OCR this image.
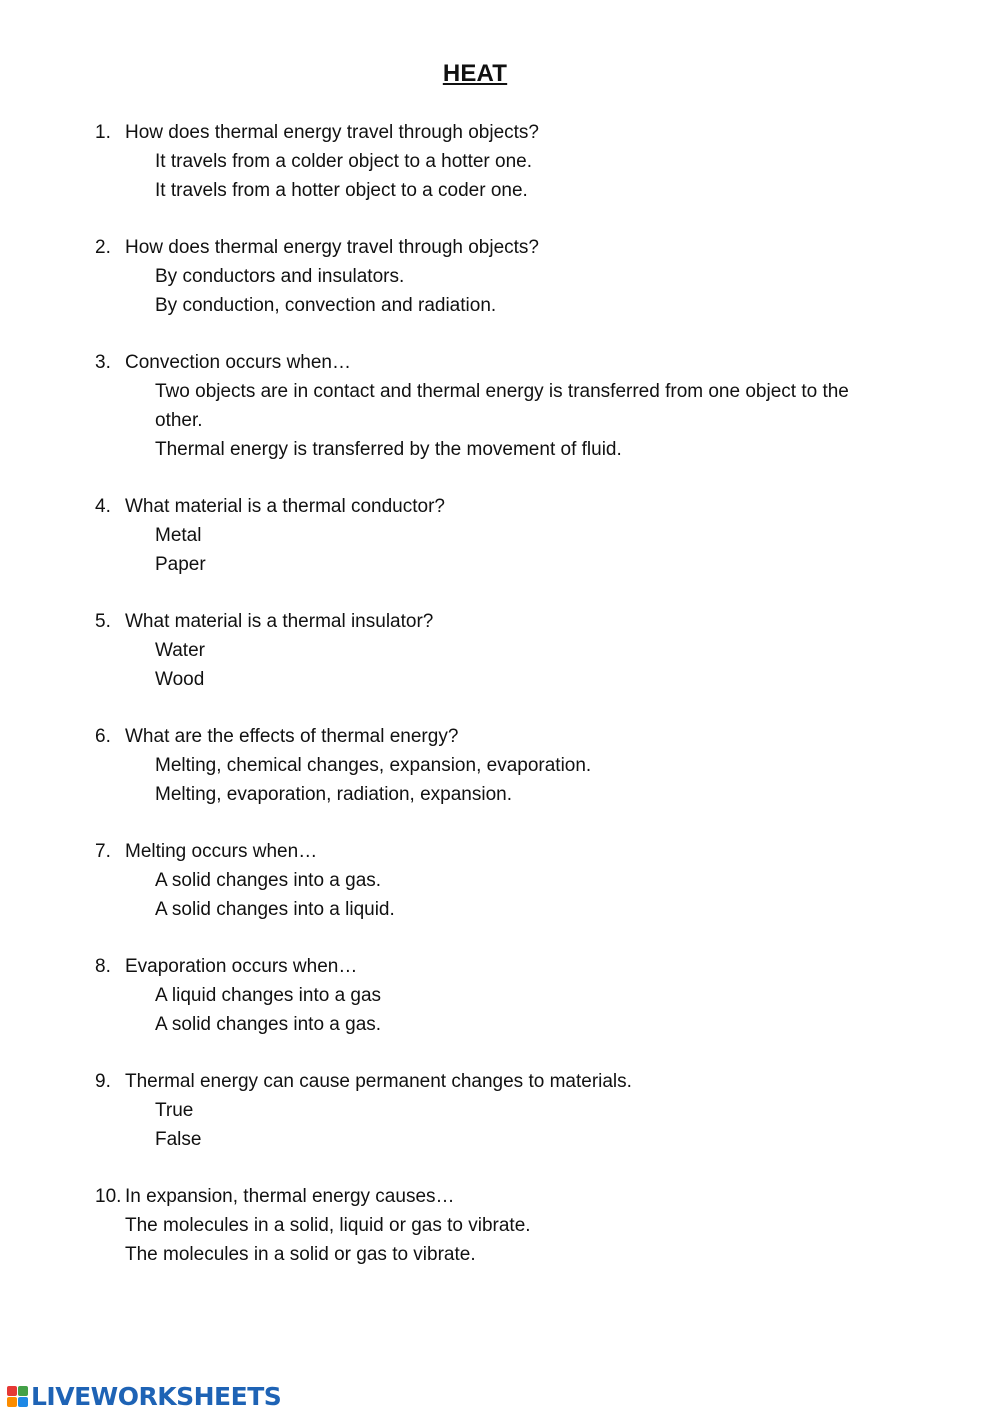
HEAT
1. How does thermal energy travel through objects?
It travels from a colder object to a hotter one.
It travels from a hotter object to a coder one.
2. How does thermal energy travel through objects?
By conductors and insulators.
By conduction, convection and radiation.
3. Convection occurs when…
Two objects are in contact and thermal energy is transferred from one object to the other.
Thermal energy is transferred by the movement of fluid.
4. What material is a thermal conductor?
Metal
Paper
5. What material is a thermal insulator?
Water
Wood
6. What are the effects of thermal energy?
Melting, chemical changes, expansion, evaporation.
Melting, evaporation, radiation, expansion.
7. Melting occurs when…
A solid changes into a gas.
A solid changes into a liquid.
8. Evaporation occurs when…
A liquid changes into a gas
A solid changes into a gas.
9. Thermal energy can cause permanent changes to materials.
True
False
10. In expansion, thermal energy causes…
The molecules in a solid, liquid or gas to vibrate.
The molecules in a solid or gas to vibrate.
LIVEWORKSHEETS
